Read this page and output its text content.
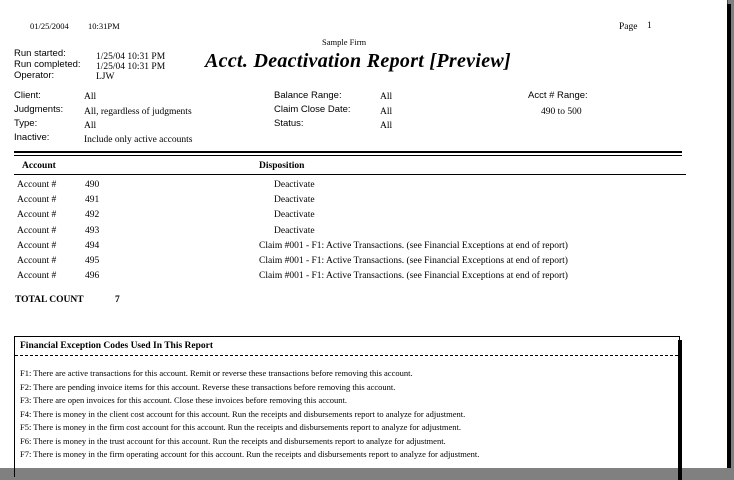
01/25/2004 10:31PM	Page 1
Sample Firm
Run started:	1/25/04 10:31 PM
Run completed: 1/25/04 10:31 PM
Operator:	LJW
Acct. Deactivation Report [Preview]
Client:	All
Judgments: All, regardless of judgments
Type:	All
Inactive:	Include only active accounts
Balance Range:	All
Claim Close Date:	All
Status:	All
Acct # Range:
490 to 500
Account	Disposition
Account #	490	Deactivate
Account #	491	Deactivate
Account #	492	Deactivate
Account #	493	Deactivate
Account #	494	Claim #001 - F1: Active Transactions. (see Financial Exceptions at end of report)
Account #	495	Claim #001 - F1: Active Transactions. (see Financial Exceptions at end of report)
Account #	496	Claim #001 - F1: Active Transactions. (see Financial Exceptions at end of report)
TOTAL COUNT	7
Financial Exception Codes Used In This Report
F1: There are active transactions for this account. Remit or reverse these transactions before removing this account.
F2: There are pending invoice items for this account. Reverse these transactions before removing this account.
F3: There are open invoices for this account. Close these invoices before removing this account.
F4: There is money in the client cost account for this account. Run the receipts and disbursements report to analyze for adjustment.
F5: There is money in the firm cost account for this account. Run the receipts and disbursements report to analyze for adjustment.
F6: There is money in the trust account for this account. Run the receipts and disbursements report to analyze for adjustment.
F7: There is money in the firm operating account for this account. Run the receipts and disbursements report to analyze for adjustment.
